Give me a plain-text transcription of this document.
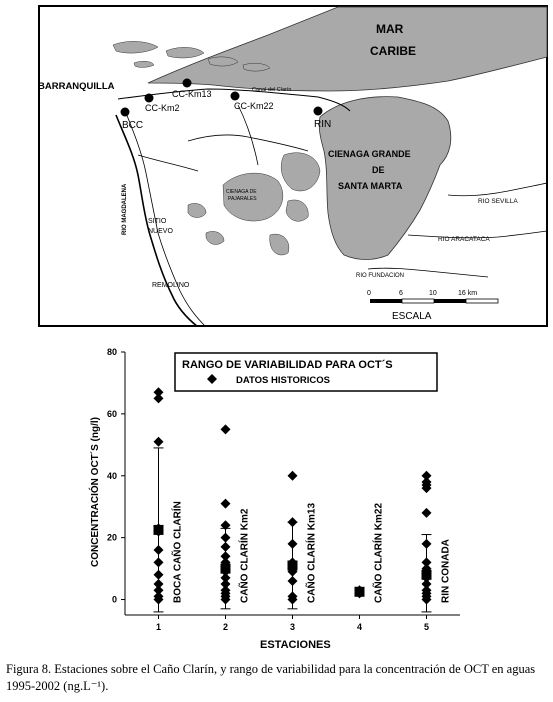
MAR
CARIBE
BARRANQUILLA	Canal del Clarín
BCC
CC-Km2
CC-Km13
CC-Km22
RIN
CIENAGA GRANDE
DE
SANTA MARTA
CIENAGA DE
PAJARALES
RIO MAGDALENA	SITIO
NUEVO
REMOLINO
RIO SEVILLA
RIO ARACATACA
RIO FUNDACION
0	6	10	16 km
ESCALA
0
20
40
60
80
1	2	3	4	5
BOCA CAÑO CLARÍN	CAÑO CLARÍN Km2	CAÑO CLARÍN Km13	CAÑO CLARÍN Km22	RIN CONADA
RANGO DE VARIABILIDAD PARA OCT´S
DATOS HISTORICOS
ESTACIONES
CONCENTRACIÓN OCT´S (ng/l)
Figura 8. Estaciones sobre el Caño Clarín, y rango de variabilidad para la concentración de OCT en aguas 1995-2002 (ng.L⁻¹).
